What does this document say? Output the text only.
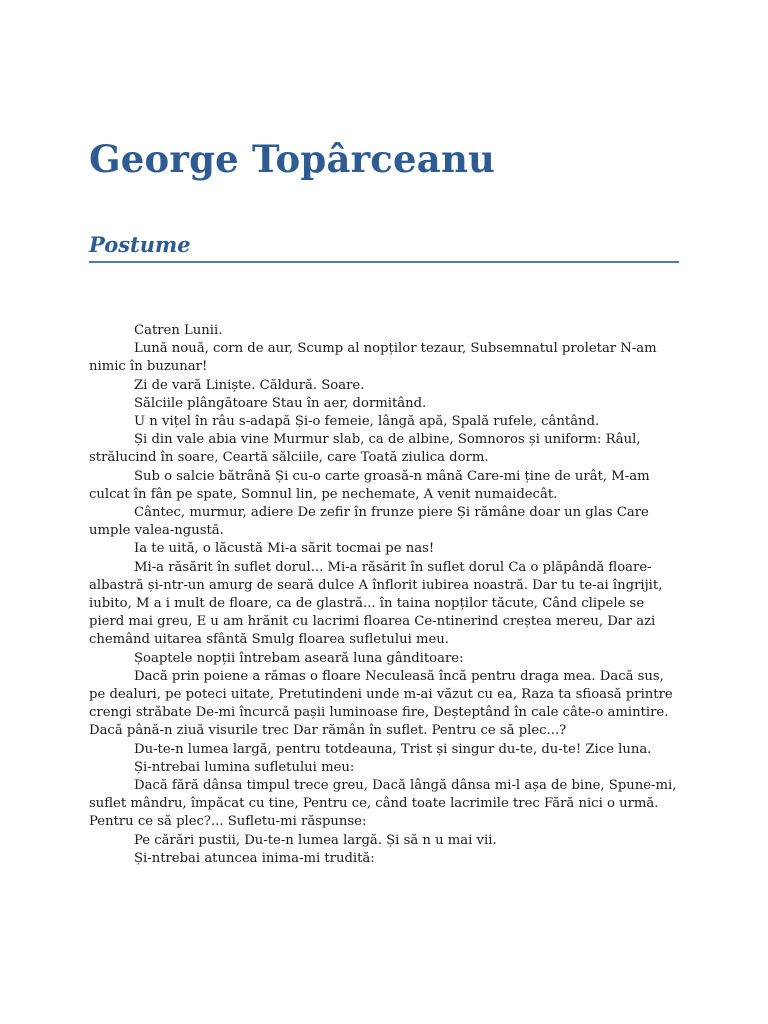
George Topârceanu
Postume

Catren Lunii.

Lună nouă, corn de aur, Scump al nopților tezaur, Subsemnatul proletar N-am nimic în buzunar!

Zi de vară Liniște. Căldură. Soare.

Sălciile plângătoare Stau în aer, dormitând.

U n vițel în râu s-adapă Și-o femeie, lângă apă, Spală rufele, cântând.

Și din vale abia vine Murmur slab, ca de albine, Somnoros și uniform: Râul, strălucind în soare, Ceartă sălciile, care Toată ziulica dorm.

Sub o salcie bătrână Și cu-o carte groasă-n mână Care-mi ține de urât, M-am culcat în fân pe spate, Somnul lin, pe nechemate, A venit numaidecât.

Cântec, murmur, adiere De zefir în frunze piere Și rămâne doar un glas Care umple valea-ngustă.

Ia te uită, o lăcustă Mi-a sărit tocmai pe nas!

Mi-a răsărit în suflet dorul... Mi-a răsărit în suflet dorul Ca o plăpândă floare-albastră și-ntr-un amurg de seară dulce A înflorit iubirea noastră. Dar tu te-ai îngrijit, iubito, M a i mult de floare, ca de glastră... în taina nopților tăcute, Când clipele se pierd mai greu, E u am hrănit cu lacrimi floarea Ce-ntinerind creștea mereu, Dar azi chemând uitarea sfântă Smulg floarea sufletului meu.

Șoaptele nopții întrebam aseară luna gânditoare:

Dacă prin poiene a rămas o floare Neculeasă încă pentru draga mea. Dacă sus, pe dealuri, pe poteci uitate, Pretutindeni unde m-ai văzut cu ea, Raza ta sfioasă printre crengi străbate De-mi încurcă pașii luminoase fire, Deșteptând în cale câte-o amintire. Dacă până-n ziuă visurile trec Dar rămân în suflet. Pentru ce să plec...?

Du-te-n lumea largă, pentru totdeauna, Trist și singur du-te, du-te! Zice luna.

Și-ntrebai lumina sufletului meu:

Dacă fără dânsa timpul trece greu, Dacă lângă dânsa mi-l așa de bine, Spune-mi, suflet mândru, împăcat cu tine, Pentru ce, când toate lacrimile trec Fără nici o urmă. Pentru ce să plec?... Sufletu-mi răspunse:

Pe cărări pustii, Du-te-n lumea largă. Și să n u mai vii.

Și-ntrebai atuncea inima-mi trudită:
